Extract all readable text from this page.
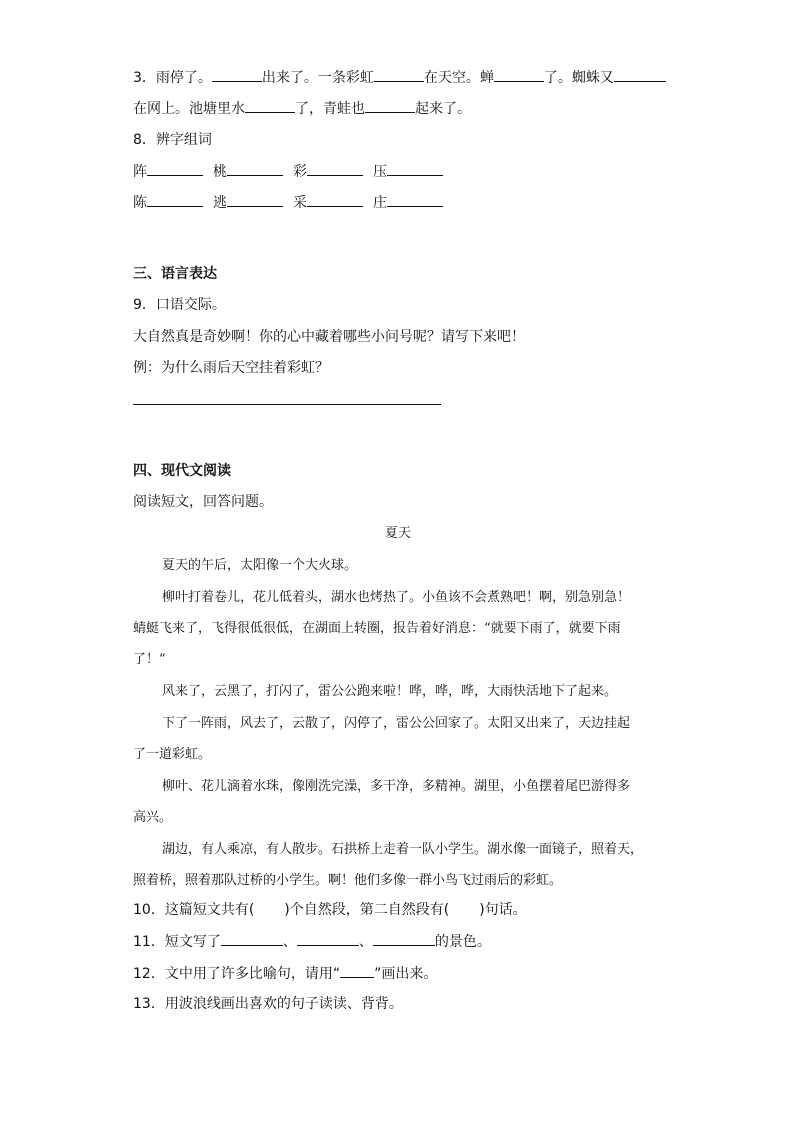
3．雨停了。	出来了。一条彩虹	在天空。蝉	了。蜘蛛又
在网上。池塘里水	了，青蛙也	起来了。
8．辨字组词
阵	桃	彩	压
陈	逃	采	庄
三、语言表达
9．口语交际。
大自然真是奇妙啊！你的心中藏着哪些小问号呢？请写下来吧！
例：为什么雨后天空挂着彩虹？
四、现代文阅读
阅读短文，回答问题。
夏天
夏天的午后，太阳像一个大火球。
柳叶打着卷儿，花儿低着头，湖水也烤热了。小鱼该不会煮熟吧！啊，别急别急！
蜻蜓飞来了，飞得很低很低，在湖面上转圈，报告着好消息：“就要下雨了，就要下雨
了！”
风来了，云黑了，打闪了，雷公公跑来啦！哗，哗，哗，大雨快活地下了起来。
下了一阵雨，风去了，云散了，闪停了，雷公公回家了。太阳又出来了，天边挂起
了一道彩虹。
柳叶、花儿滴着水珠，像刚洗完澡，多干净，多精神。湖里，小鱼摆着尾巴游得多
高兴。
湖边，有人乘凉，有人散步。石拱桥上走着一队小学生。湖水像一面镜子，照着天，
照着桥，照着那队过桥的小学生。啊！他们多像一群小鸟飞过雨后的彩虹。
10．这篇短文共有( )个自然段，第二自然段有( )句话。
11．短文写了	、	、	的景色。
12．文中用了许多比喻句，请用“ ”画出来。
13．用波浪线画出喜欢的句子读读、背背。
